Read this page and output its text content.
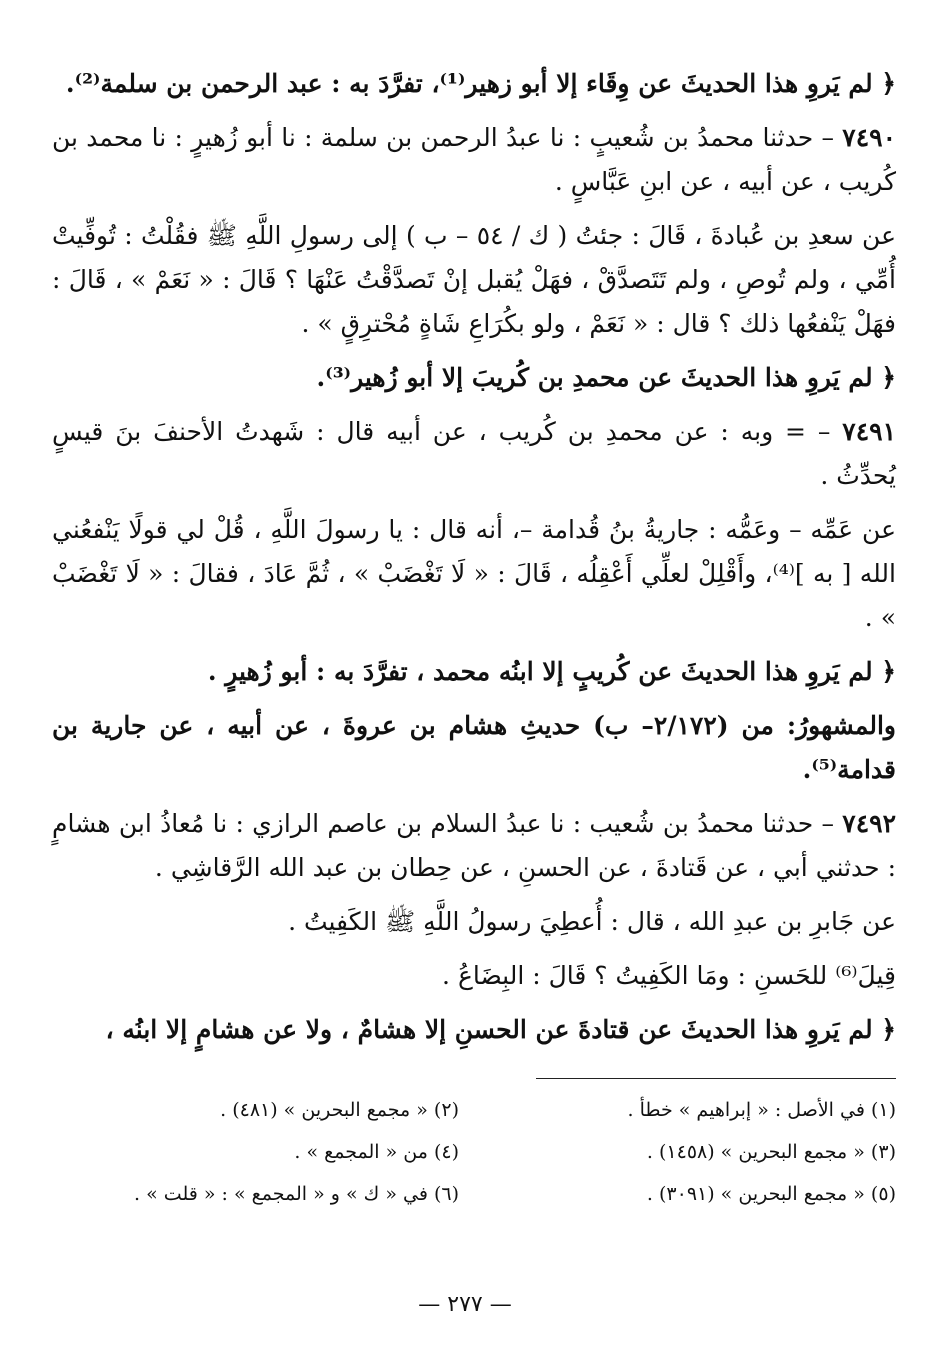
﴿ لم يَروِ هذا الحديثَ عن وِقَاء إلا أبو زهير⁽¹⁾، تفرَّدَ به : عبد الرحمن بن سلمة⁽²⁾.

٧٤٩٠ – حدثنا محمدُ بن شُعيبٍ : نا عبدُ الرحمن بن سلمة : نا أبو زُهيرٍ : نا محمد بن كُريب ، عن أبيه ، عن ابنِ عَبَّاسٍ .

عن سعدِ بن عُبادةَ ، قَالَ : جئتُ ( ك / ٥٤ – ب ) إلى رسولِ اللَّهِ ﷺ فقُلْتُ : تُوفِّيتْ أُمِّي ، ولم تُوصِ ، ولم تَتَصدَّقْ ، فهَلْ يُقبل إنْ تَصدَّقْتُ عَنْهَا ؟ قَالَ : « نَعَمْ » ، قَالَ : فهَلْ يَنْفعُها ذلك ؟ قال : « نَعَمْ ، ولو بكُرَاعِ شَاةٍ مُحْترِقٍ » .

﴿ لم يَروِ هذا الحديثَ عن محمدِ بن كُريبَ إلا أبو زُهير⁽³⁾.

٧٤٩١ – = وبه : عن محمدِ بن كُريب ، عن أبيه قال : شَهدتُ الأحنفَ بنَ قيسٍ يُحدِّثُ .

عن عَمِّه – وعَمُّه : جاريةُ بنُ قُدامة –، أنه قال : يا رسولَ اللَّهِ ، قُلْ لي قولًا يَنْفعُني الله [ به ]⁽⁴⁾، وأَقْلِلْ لعلِّي أَعْقِلُه ، قَالَ : « لَا تَغْضَبْ » ، ثُمَّ عَادَ ، فقالَ : « لَا تَغْضَبْ » .

﴿ لم يَروِ هذا الحديثَ عن كُريبٍ إلا ابنُه محمد ، تفرَّدَ به : أبو زُهيرٍ .

والمشهورُ: من (٢/١٧٢– ب) حديثِ هشام بن عروةَ ، عن أبيه ، عن جارية بن قدامة⁽⁵⁾.

٧٤٩٢ – حدثنا محمدُ بن شُعيب : نا عبدُ السلام بن عاصم الرازي : نا مُعاذُ ابن هشامٍ : حدثني أبي ، عن قَتادةَ ، عن الحسنِ ، عن حِطان بن عبد الله الرَّقاشِي .

عن جَابرِ بن عبدِ الله ، قال : أُعطِيَ رسولُ اللَّهِ ﷺ الكَفِيتُ .

قِيلَ⁽⁶⁾ للحَسنِ : ومَا الكَفِيتُ ؟ قَالَ : البِضَاعُ .

﴿ لم يَروِ هذا الحديثَ عن قتادةَ عن الحسنِ إلا هشامٌ ، ولا عن هشامٍ إلا ابنُه ،

(١) في الأصل : « إبراهيم » خطأ .
(٢) « مجمع البحرين » (٤٨١) .
(٣) « مجمع البحرين » (١٤٥٨) .
(٤) من « المجمع » .
(٥) « مجمع البحرين » (٣٠٩١) .
(٦) في « ك » و « المجمع » : « قلت » .
— ٢٧٧ —
